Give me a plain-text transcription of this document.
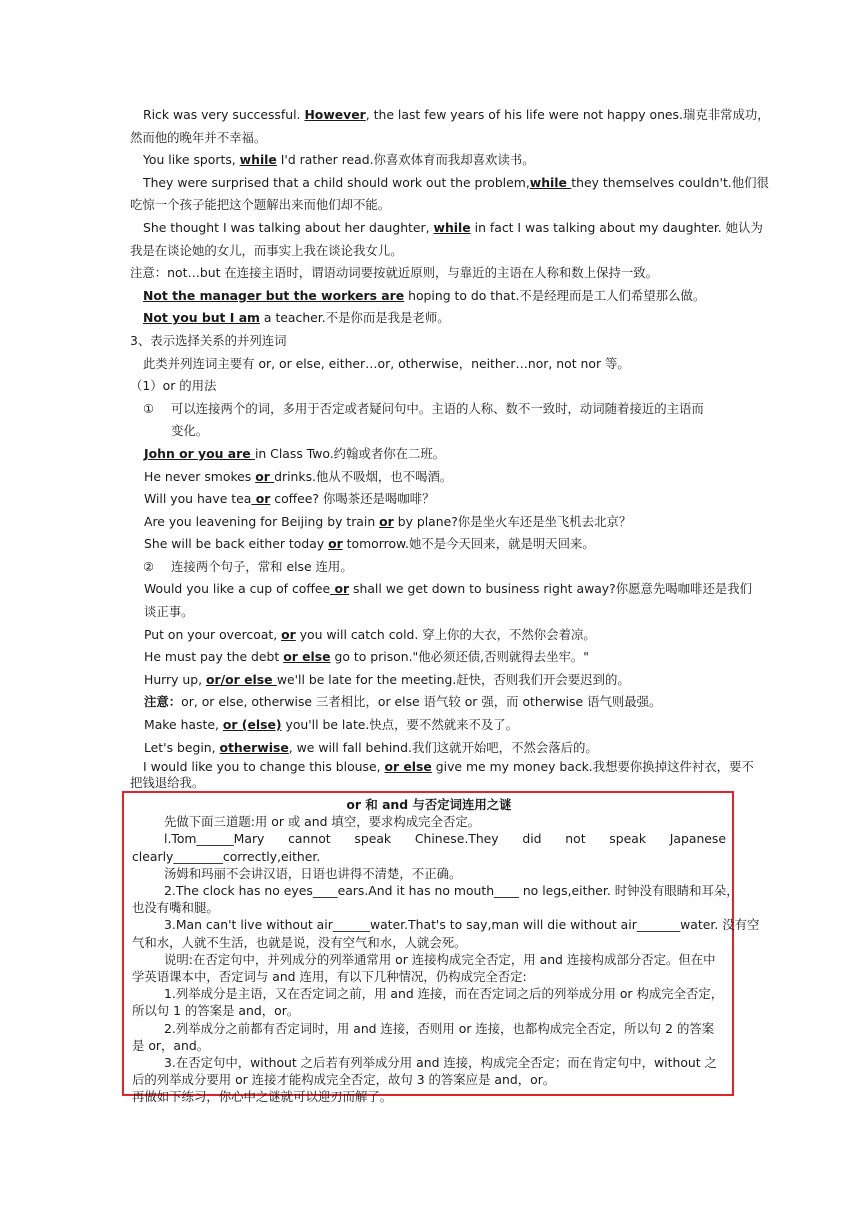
Rick was very successful. However, the last few years of his life were not happy ones.瑞克非常成功，

然而他的晚年并不幸福。

You like sports, while I'd rather read.你喜欢体育而我却喜欢读书。

They were surprised that a child should work out the problem,while they themselves couldn't.他们很

吃惊一个孩子能把这个题解出来而他们却不能。

She thought I was talking about her daughter, while in fact I was talking about my daughter. 她认为

我是在谈论她的女儿，而事实上我在谈论我女儿。

注意：not…but 在连接主语时，谓语动词要按就近原则，与靠近的主语在人称和数上保持一致。

Not the manager but the workers are hoping to do that.不是经理而是工人们希望那么做。

Not you but I am a teacher.不是你而是我是老师。

3、表示选择关系的并列连词

此类并列连词主要有 or, or else, either…or, otherwise，neither…nor, not nor 等。

（1）or 的用法

① 可以连接两个的词，多用于否定或者疑问句中。主语的人称、数不一致时，动词随着接近的主语而

变化。

John or you are in Class Two.约翰或者你在二班。

He never smokes or drinks.他从不吸烟，也不喝酒。

Will you have tea or coffee? 你喝茶还是喝咖啡？

Are you leavening for Beijing by train or by plane?你是坐火车还是坐飞机去北京？

She will be back either today or tomorrow.她不是今天回来，就是明天回来。

② 连接两个句子，常和 else 连用。

Would you like a cup of coffee or shall we get down to business right away?你愿意先喝咖啡还是我们

谈正事。

Put on your overcoat, or you will catch cold. 穿上你的大衣，不然你会着凉。

He must pay the debt or else go to prison."他必须还债,否则就得去坐牢。"

Hurry up, or/or else we'll be late for the meeting.赶快，否则我们开会要迟到的。

注意：or, or else, otherwise 三者相比，or else 语气较 or 强，而 otherwise 语气则最强。

Make haste, or (else) you'll be late.快点，要不然就来不及了。

Let's begin, otherwise, we will fall behind.我们这就开始吧，不然会落后的。

I would like you to change this blouse, or else give me my money back.我想要你换掉这件衬衣，要不

把钱退给我。

or 和 and 与否定词连用之谜

先做下面三道题:用 or 或 and 填空，要求构成完全否定。

l.Tom______Mary cannot speak Chinese.They did not speak Japanese

clearly________correctly,either.

汤姆和玛丽不会讲汉语，日语也讲得不清楚，不正确。

2.The clock has no eyes____ears.And it has no mouth____ no legs,either. 时钟没有眼睛和耳朵，

也没有嘴和腿。

3.Man can't live without air______water.That's to say,man will die without air_______water. 没有空

气和水，人就不生活，也就是说，没有空气和水，人就会死。

说明:在否定句中，并列成分的列举通常用 or 连接构成完全否定，用 and 连接构成部分否定。但在中

学英语课本中，否定词与 and 连用，有以下几种情况，仍构成完全否定:

1.列举成分是主语，又在否定词之前，用 and 连接，而在否定词之后的列举成分用 or 构成完全否定，

所以句 1 的答案是 and，or。

2.列举成分之前都有否定词时，用 and 连接，否则用 or 连接，也都构成完全否定，所以句 2 的答案

是 or，and。

3.在否定句中，without 之后若有列举成分用 and 连接，构成完全否定；而在肯定句中，without 之

后的列举成分要用 or 连接才能构成完全否定，故句 3 的答案应是 and，or。

再做如下练习，你心中之谜就可以迎刃而解了。
